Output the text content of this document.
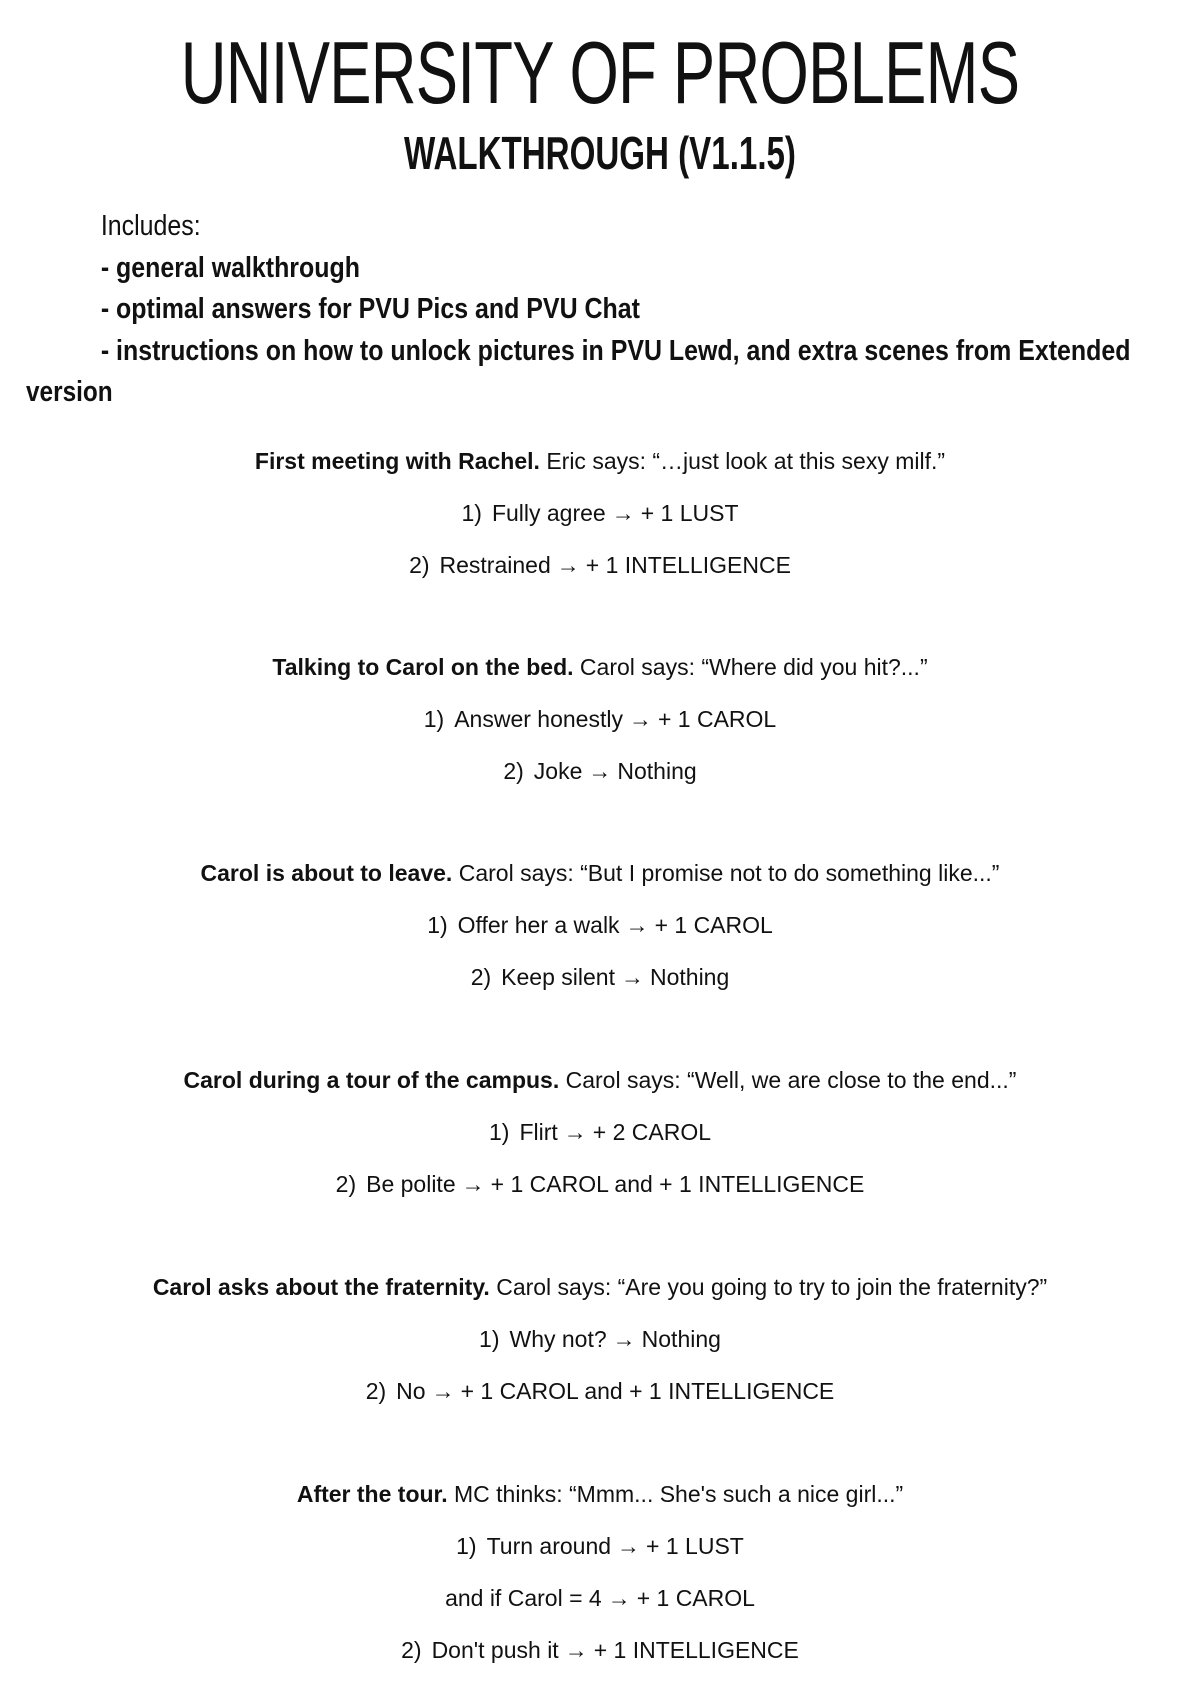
UNIVERSITY OF PROBLEMS
WALKTHROUGH (V1.1.5)
Includes:
- general walkthrough
- optimal answers for PVU Pics and PVU Chat
- instructions on how to unlock pictures in PVU Lewd, and extra scenes from Extended
version
First meeting with Rachel. Eric says: “…just look at this sexy milf.”
1) Fully agree → + 1 LUST
2) Restrained → + 1 INTELLIGENCE
Talking to Carol on the bed. Carol says: “Where did you hit?...”
1) Answer honestly → + 1 CAROL
2) Joke → Nothing
Carol is about to leave. Carol says: “But I promise not to do something like...”
1) Offer her a walk → + 1 CAROL
2) Keep silent → Nothing
Carol during a tour of the campus. Carol says: “Well, we are close to the end...”
1) Flirt → + 2 CAROL
2) Be polite → + 1 CAROL and + 1 INTELLIGENCE
Carol asks about the fraternity. Carol says: “Are you going to try to join the fraternity?”
1) Why not? → Nothing
2) No → + 1 CAROL and + 1 INTELLIGENCE
After the tour. MC thinks: “Mmm... She's such a nice girl...”
1) Turn around → + 1 LUST
and if Carol = 4 → + 1 CAROL
2) Don't push it → + 1 INTELLIGENCE
